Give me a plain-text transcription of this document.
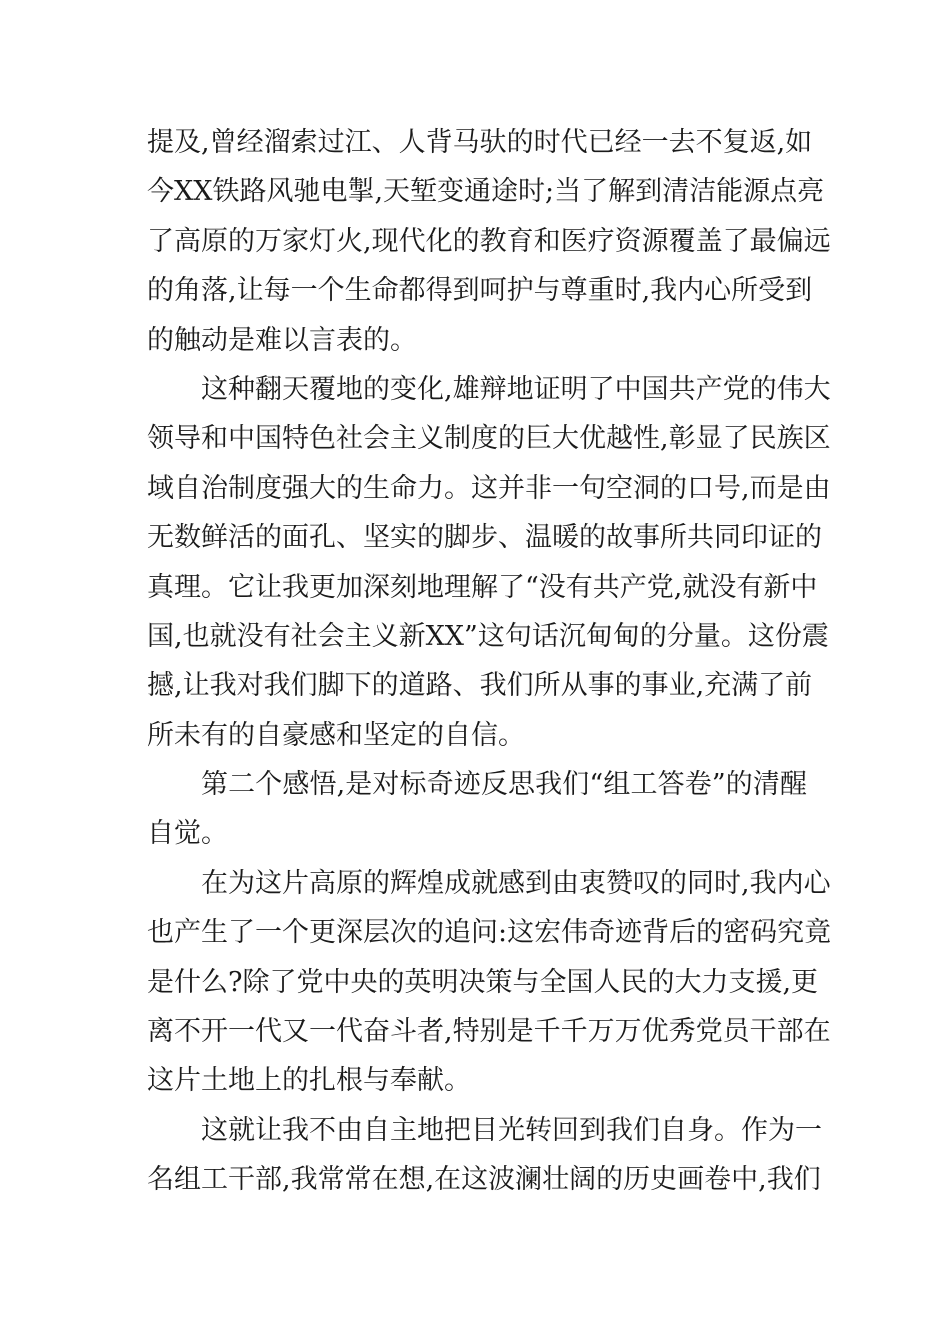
提及,曾经溜索过江、人背马驮的时代已经一去不复返,如
今XX铁路风驰电掣,天堑变通途时;当了解到清洁能源点亮
了高原的万家灯火,现代化的教育和医疗资源覆盖了最偏远
的角落,让每一个生命都得到呵护与尊重时,我内心所受到
的触动是难以言表的。
这种翻天覆地的变化,雄辩地证明了中国共产党的伟大
领导和中国特色社会主义制度的巨大优越性,彰显了民族区
域自治制度强大的生命力。这并非一句空洞的口号,而是由
无数鲜活的面孔、坚实的脚步、温暖的故事所共同印证的
真理。它让我更加深刻地理解了“没有共产党,就没有新中
国,也就没有社会主义新XX”这句话沉甸甸的分量。这份震
撼,让我对我们脚下的道路、我们所从事的事业,充满了前
所未有的自豪感和坚定的自信。
第二个感悟,是对标奇迹反思我们“组工答卷”的清醒
自觉。
在为这片高原的辉煌成就感到由衷赞叹的同时,我内心
也产生了一个更深层次的追问:这宏伟奇迹背后的密码究竟
是什么?除了党中央的英明决策与全国人民的大力支援,更
离不开一代又一代奋斗者,特别是千千万万优秀党员干部在
这片土地上的扎根与奉献。
这就让我不由自主地把目光转回到我们自身。作为一
名组工干部,我常常在想,在这波澜壮阔的历史画卷中,我们
